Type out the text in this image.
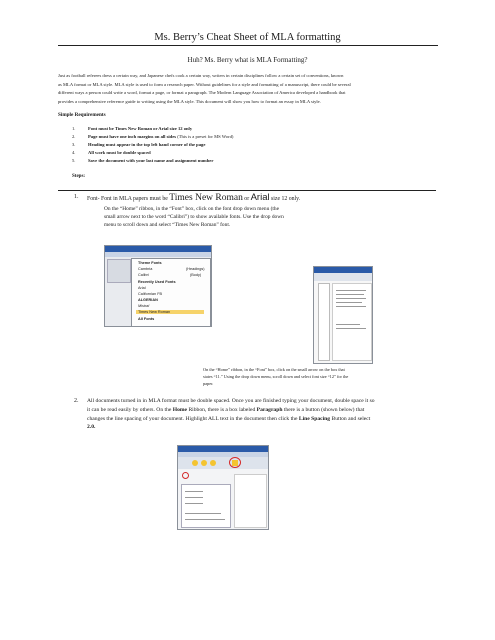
Ms. Berry’s Cheat Sheet of MLA formatting
Huh? Ms. Berry what is MLA Formatting?
Just as football referees dress a certain way, and Japanese chefs cook a certain way, writers in certain disciplines follow a certain set of conventions, known
as MLA format or MLA style. MLA style is used to form a research paper. Without guidelines for a style and formatting of a manuscript, there could be several
different ways a person could write a word, format a page, or format a paragraph. The Modern Language Association of America developed a handbook that
provides a comprehensive reference guide to writing using the MLA style. This document will show you how to format an essay in MLA style.
Simple Requirements
1.	Font must be Times New Roman or Arial size 12 only
2.	Page must have one inch margins on all sides (This is a preset for MS Word)
3.	Heading must appear in the top left hand corner of the page
4.	All work must be double spaced
5.	Save the document with your last name and assignment number
Steps:
1. Font- Font in MLA papers must be Times New Roman or Arial size 12 only.
On the “Home” ribbon, in the “Font” box, click on the font drop down menu (the
small arrow next to the word “Calibri”) to show available fonts. Use the drop down
menu to scroll down and select “Times New Roman” font.
Theme Fonts
Cambria	(Headings)
Calibri	(Body)
Recently Used Fonts
Arial
Californian FB
ALGERIAN
Mistral
Times New Roman
All Fonts
On the “Home” ribbon, in the “Font” box, click on the small arrow on the box that
states “11.” Using the drop down menu, scroll down and select font size “12” for the
paper.
2. All documents turned in in MLA format must be double spaced. Once you are finished typing your document, double space it so
it can be read easily by others. On the Home Ribbon, there is a box labeled Paragraph there is a button (shown below) that
changes the line spacing of your document. Highlight ALL text in the document then click the Line Spacing Button and select
2.0.
